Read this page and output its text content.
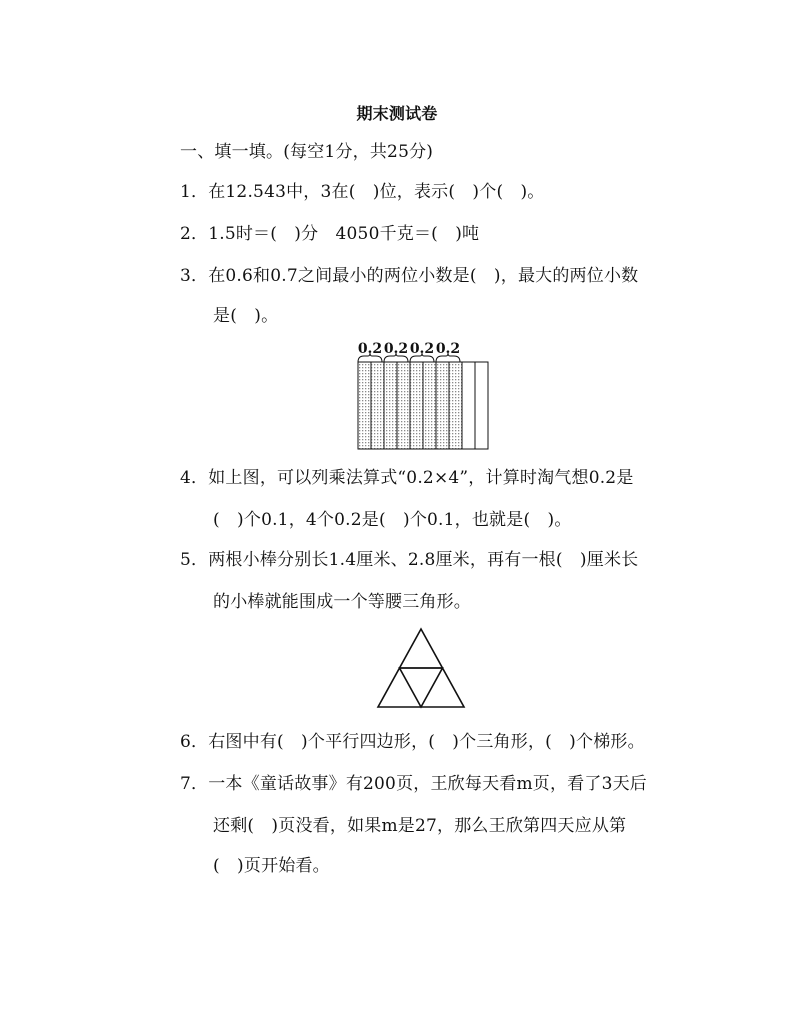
期末测试卷
一、填一填。(每空1分，共25分)
1．在12.543中，3在(　)位，表示(　)个(　)。
2．1.5时＝(　)分　4050千克＝(　)吨
3．在0.6和0.7之间最小的两位小数是(　)，最大的两位小数
是(　)。
0.2 0.2 0.2 0.2
4．如上图，可以列乘法算式“0.2×4”，计算时淘气想0.2是
(　)个0.1，4个0.2是(　)个0.1，也就是(　)。
5．两根小棒分别长1.4厘米、2.8厘米，再有一根(　)厘米长
的小棒就能围成一个等腰三角形。
6．右图中有(　)个平行四边形，(　)个三角形，(　)个梯形。
7．一本《童话故事》有200页，王欣每天看m页，看了3天后
还剩(　)页没看，如果m是27，那么王欣第四天应从第
(　)页开始看。
